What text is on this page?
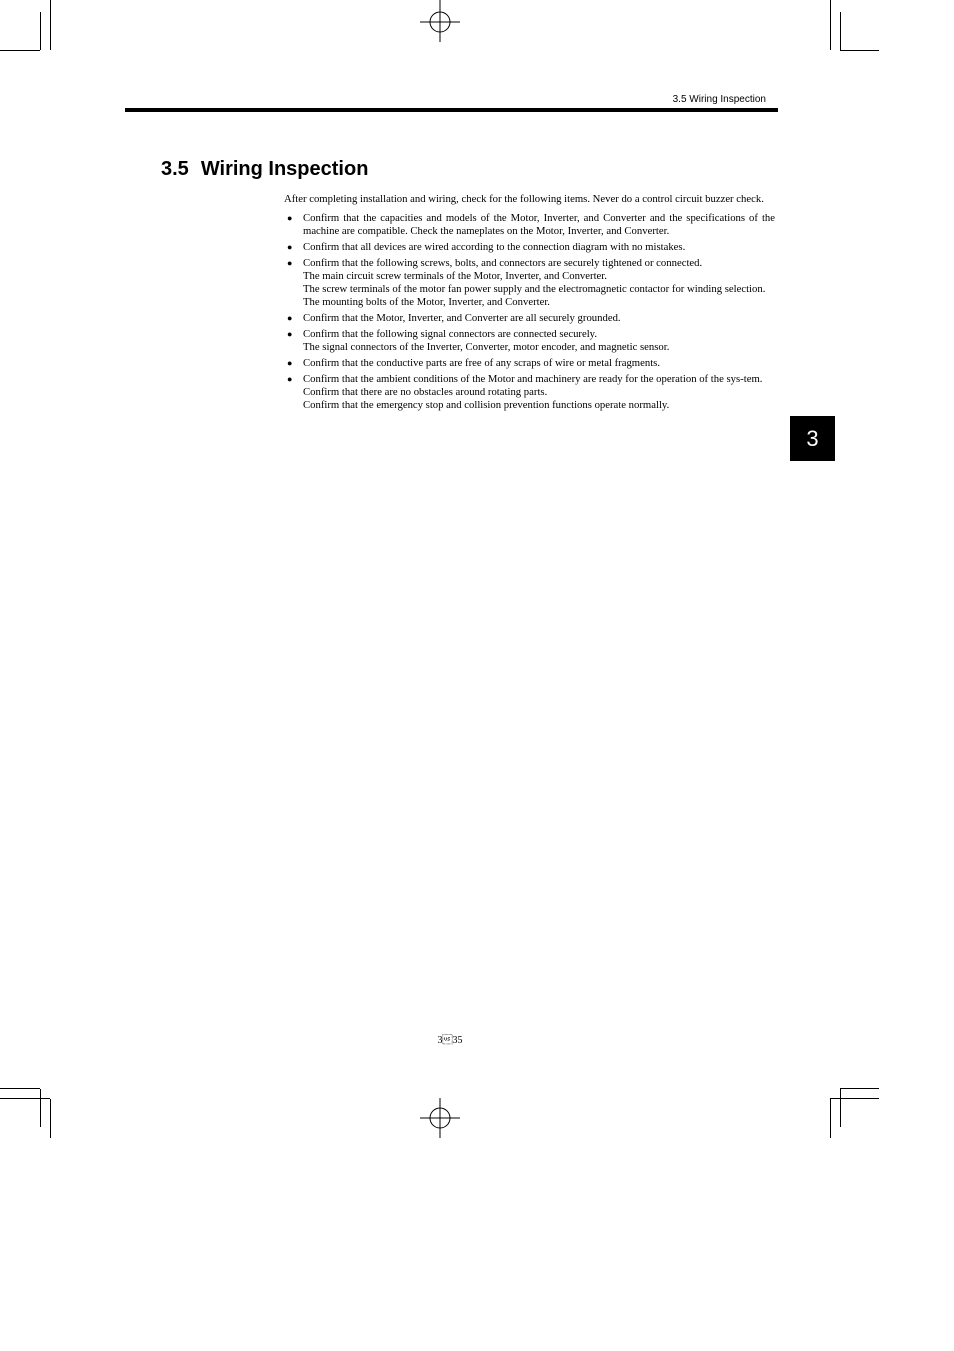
3.5 Wiring Inspection
3.5 Wiring Inspection

After completing installation and wiring, check for the following items. Never do a control circuit buzzer check.

● Confirm that the capacities and models of the Motor, Inverter, and Converter and the specifications of the machine are compatible. Check the nameplates on the Motor, Inverter, and Converter.
● Confirm that all devices are wired according to the connection diagram with no mistakes.
● Confirm that the following screws, bolts, and connectors are securely tightened or connected.
The main circuit screw terminals of the Motor, Inverter, and Converter.
The screw terminals of the motor fan power supply and the electromagnetic contactor for winding selection.
The mounting bolts of the Motor, Inverter, and Converter.
● Confirm that the Motor, Inverter, and Converter are all securely grounded.
● Confirm that the following signal connectors are connected securely.
The signal connectors of the Inverter, Converter, motor encoder, and magnetic sensor.
● Confirm that the conductive parts are free of any scraps of wire or metal fragments.
● Confirm that the ambient conditions of the Motor and machinery are ready for the operation of the sys-tem.
Confirm that there are no obstacles around rotating parts.
Confirm that the emergency stop and collision prevention functions operate normally.
3
335
